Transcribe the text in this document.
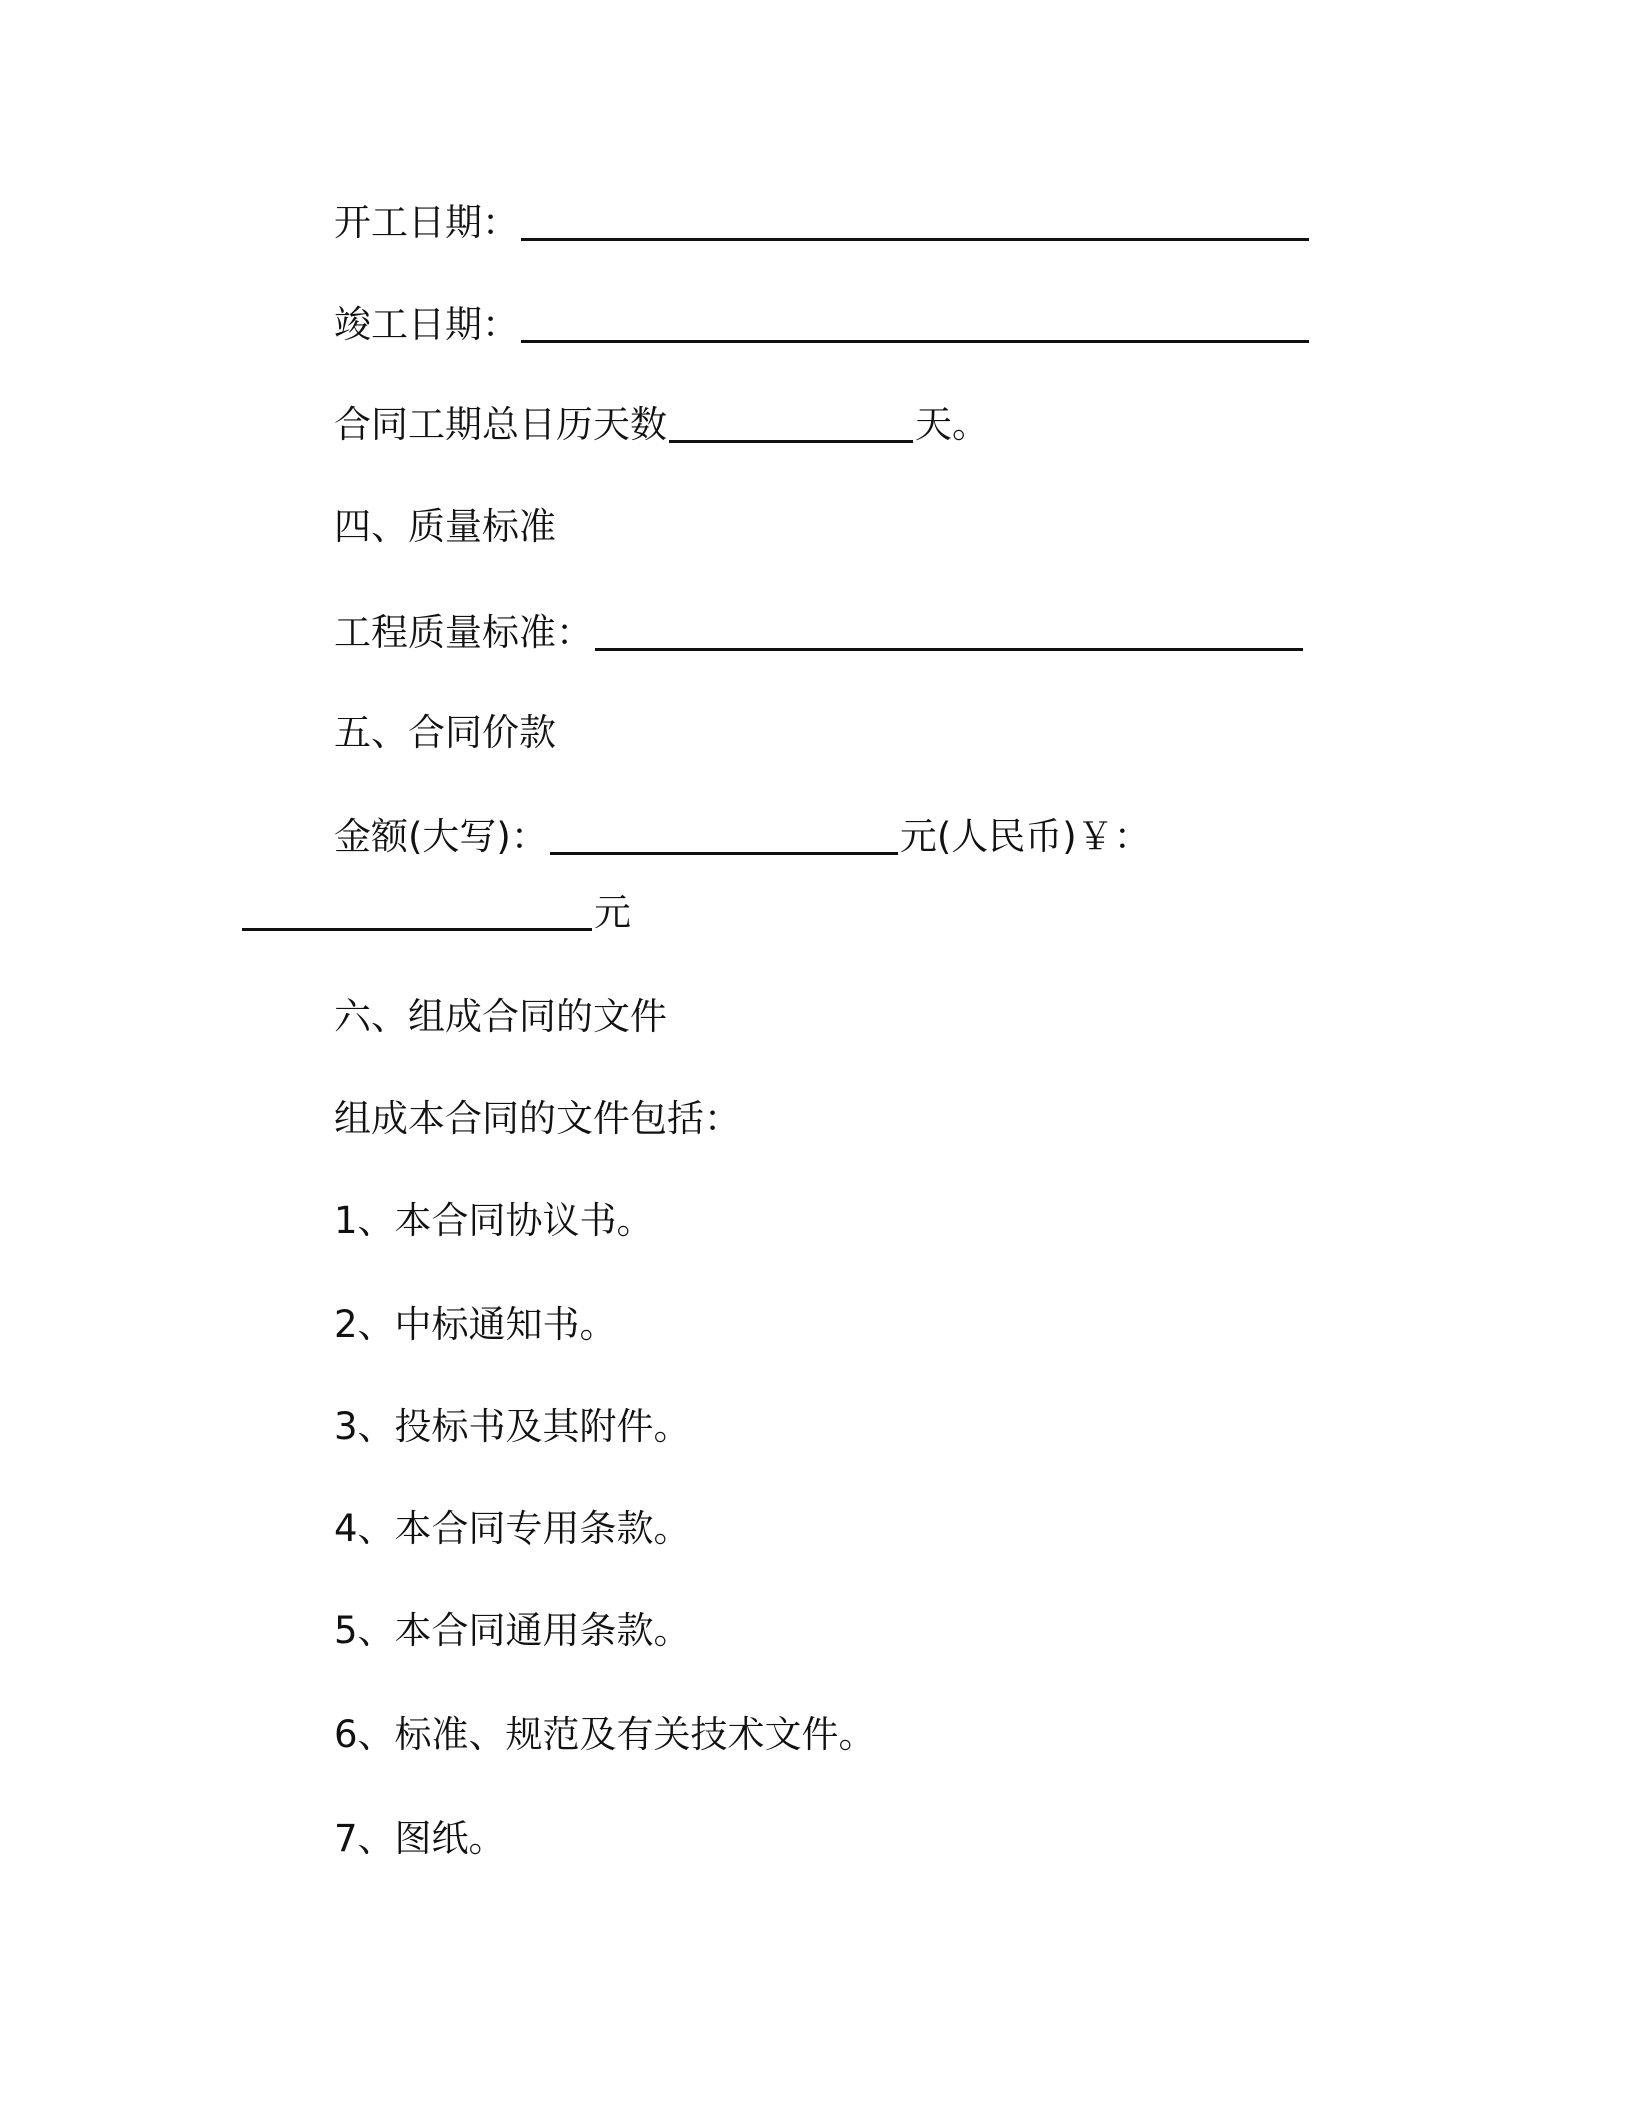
开工日期：
竣工日期：
合同工期总日历天数	天。
四、质量标准
工程质量标准：
五、合同价款
金额(大写)：	元(人民币)￥：
元
六、组成合同的文件
组成本合同的文件包括：
1、本合同协议书。
2、中标通知书。
3、投标书及其附件。
4、本合同专用条款。
5、本合同通用条款。
6、标准、规范及有关技术文件。
7、图纸。
